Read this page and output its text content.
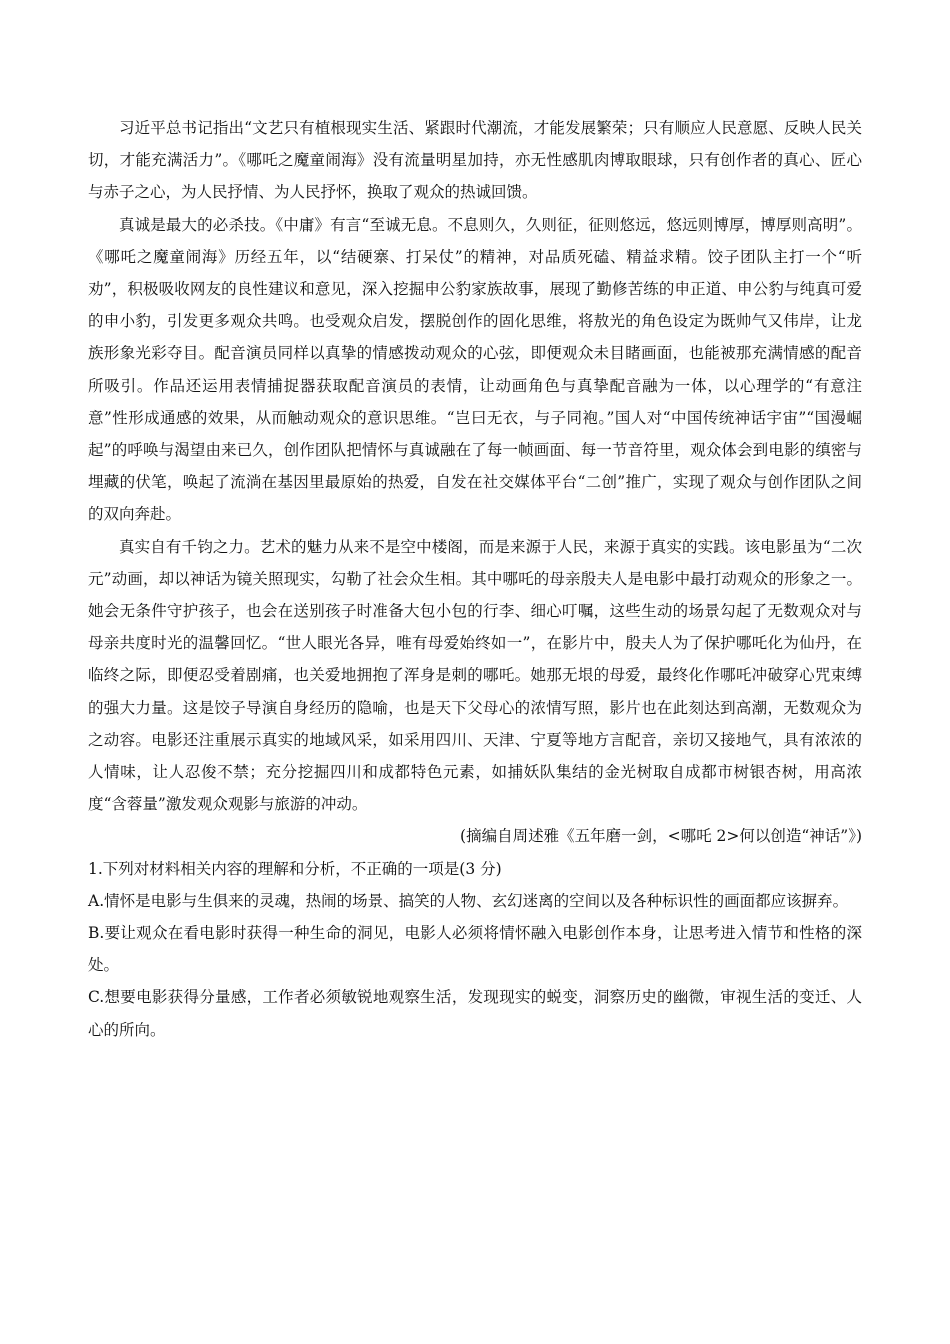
习近平总书记指出“文艺只有植根现实生活、紧跟时代潮流，才能发展繁荣；只有顺应人民意愿、反映人民关切，才能充满活力”。《哪吒之魔童闹海》没有流量明星加持，亦无性感肌肉博取眼球，只有创作者的真心、匠心与赤子之心，为人民抒情、为人民抒怀，换取了观众的热诚回馈。

真诚是最大的必杀技。《中庸》有言“至诚无息。不息则久，久则征，征则悠远，悠远则博厚，博厚则高明”。《哪吒之魔童闹海》历经五年，以“结硬寨、打呆仗”的精神，对品质死磕、精益求精。饺子团队主打一个“听劝”，积极吸收网友的良性建议和意见，深入挖掘申公豹家族故事，展现了勤修苦练的申正道、申公豹与纯真可爱的申小豹，引发更多观众共鸣。也受观众启发，摆脱创作的固化思维，将敖光的角色设定为既帅气又伟岸，让龙族形象光彩夺目。配音演员同样以真挚的情感拨动观众的心弦，即便观众未目睹画面，也能被那充满情感的配音所吸引。作品还运用表情捕捉器获取配音演员的表情，让动画角色与真挚配音融为一体，以心理学的“有意注意”性形成通感的效果，从而触动观众的意识思维。“岂曰无衣，与子同袍。”国人对“中国传统神话宇宙”“国漫崛起”的呼唤与渴望由来已久，创作团队把情怀与真诚融在了每一帧画面、每一节音符里，观众体会到电影的缜密与埋藏的伏笔，唤起了流淌在基因里最原始的热爱，自发在社交媒体平台“二创”推广，实现了观众与创作团队之间的双向奔赴。

真实自有千钧之力。艺术的魅力从来不是空中楼阁，而是来源于人民，来源于真实的实践。该电影虽为“二次元”动画，却以神话为镜关照现实，勾勒了社会众生相。其中哪吒的母亲殷夫人是电影中最打动观众的形象之一。她会无条件守护孩子，也会在送别孩子时准备大包小包的行李、细心叮嘱，这些生动的场景勾起了无数观众对与母亲共度时光的温馨回忆。“世人眼光各异，唯有母爱始终如一”，在影片中，殷夫人为了保护哪吒化为仙丹，在临终之际，即便忍受着剧痛，也关爱地拥抱了浑身是刺的哪吒。她那无垠的母爱，最终化作哪吒冲破穿心咒束缚的强大力量。这是饺子导演自身经历的隐喻，也是天下父母心的浓情写照，影片也在此刻达到高潮，无数观众为之动容。电影还注重展示真实的地域风采，如采用四川、天津、宁夏等地方言配音，亲切又接地气，具有浓浓的人情味，让人忍俊不禁；充分挖掘四川和成都特色元素，如捕妖队集结的金光树取自成都市树银杏树，用高浓度“含蓉量”激发观众观影与旅游的冲动。

(摘编自周述雅《五年磨一剑，<哪吒 2>何以创造“神话”》)

1.下列对材料相关内容的理解和分析，不正确的一项是(3 分)

A.情怀是电影与生俱来的灵魂，热闹的场景、搞笑的人物、玄幻迷离的空间以及各种标识性的画面都应该摒弃。

B.要让观众在看电影时获得一种生命的洞见，电影人必须将情怀融入电影创作本身，让思考进入情节和性格的深处。

C.想要电影获得分量感，工作者必须敏锐地观察生活，发现现实的蜕变，洞察历史的幽微，审视生活的变迁、人心的所向。
